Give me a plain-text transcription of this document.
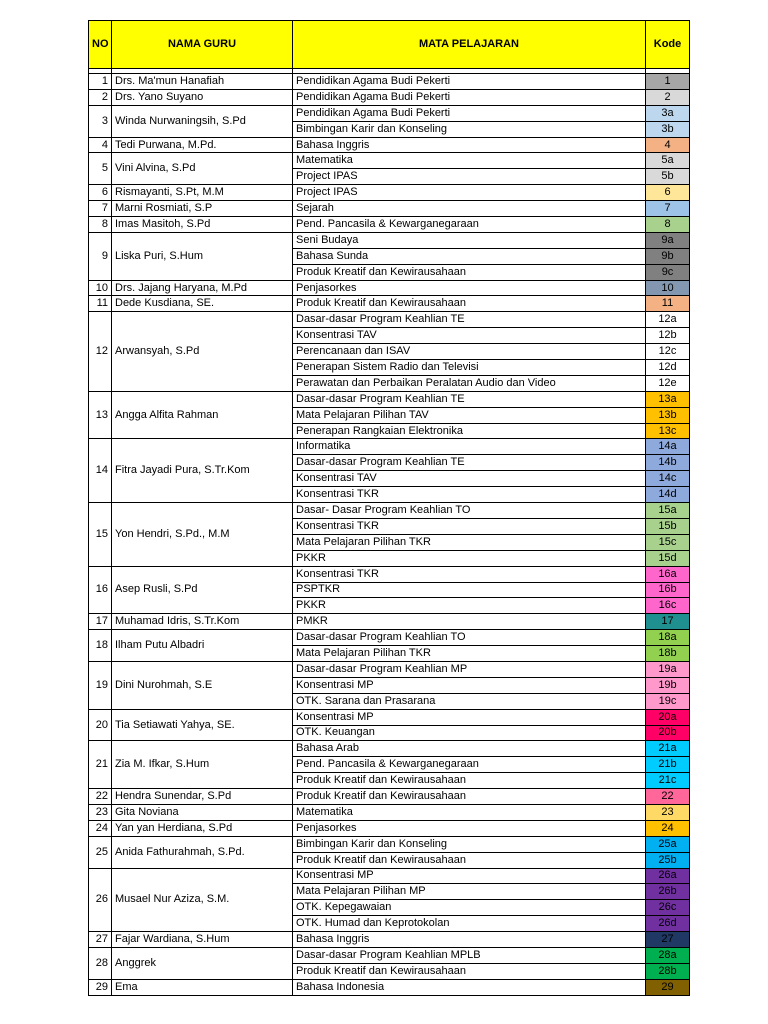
NO	NAMA GURU	MATA PELAJARAN	Kode

1	Drs. Ma'mun Hanafiah	Pendidikan Agama Budi Pekerti	1
2	Drs. Yano Suyano	Pendidikan Agama Budi Pekerti	2
3	Winda Nurwaningsih, S.Pd	Pendidikan Agama Budi Pekerti	3a
		Bimbingan Karir dan Konseling	3b
4	Tedi Purwana, M.Pd.	Bahasa Inggris	4
5	Vini Alvina, S.Pd	Matematika	5a
		Project IPAS	5b
6	Rismayanti, S.Pt, M.M	Project IPAS	6
7	Marni Rosmiati, S.P	Sejarah	7
8	Imas Masitoh, S.Pd	Pend. Pancasila & Kewarganegaraan	8
9	Liska Puri, S.Hum	Seni Budaya	9a
		Bahasa Sunda	9b
		Produk Kreatif dan Kewirausahaan	9c
10	Drs. Jajang Haryana, M.Pd	Penjasorkes	10
11	Dede Kusdiana, SE.	Produk Kreatif dan Kewirausahaan	11
12	Arwansyah, S.Pd	Dasar-dasar Program Keahlian TE	12a
		Konsentrasi TAV	12b
		Perencanaan dan ISAV	12c
		Penerapan Sistem Radio dan Televisi	12d
		Perawatan dan Perbaikan Peralatan Audio dan Video	12e
13	Angga Alfita Rahman	Dasar-dasar Program Keahlian TE	13a
		Mata Pelajaran Pilihan TAV	13b
		Penerapan Rangkaian Elektronika	13c
14	Fitra Jayadi Pura, S.Tr.Kom	Informatika	14a
		Dasar-dasar Program Keahlian TE	14b
		Konsentrasi TAV	14c
		Konsentrasi TKR	14d
15	Yon Hendri, S.Pd., M.M	Dasar- Dasar Program Keahlian TO	15a
		Konsentrasi TKR	15b
		Mata Pelajaran Pilihan TKR	15c
		PKKR	15d
16	Asep Rusli, S.Pd	Konsentrasi TKR	16a
		PSPTKR	16b
		PKKR	16c
17	Muhamad Idris, S.Tr.Kom	PMKR	17
18	Ilham Putu Albadri	Dasar-dasar Program Keahlian TO	18a
		Mata Pelajaran Pilihan TKR	18b
19	Dini Nurohmah, S.E	Dasar-dasar Program Keahlian MP	19a
		Konsentrasi MP	19b
		OTK. Sarana dan Prasarana	19c
20	Tia Setiawati Yahya, SE.	Konsentrasi MP	20a
		OTK. Keuangan	20b
21	Zia M. Ifkar, S.Hum	Bahasa Arab	21a
		Pend. Pancasila & Kewarganegaraan	21b
		Produk Kreatif dan Kewirausahaan	21c
22	Hendra Sunendar, S.Pd	Produk Kreatif dan Kewirausahaan	22
23	Gita Noviana	Matematika	23
24	Yan yan Herdiana, S.Pd	Penjasorkes	24
25	Anida Fathurahmah, S.Pd.	Bimbingan Karir dan Konseling	25a
		Produk Kreatif dan Kewirausahaan	25b
26	Musael Nur Aziza, S.M.	Konsentrasi MP	26a
		Mata Pelajaran Pilihan MP	26b
		OTK. Kepegawaian	26c
		OTK. Humad dan Keprotokolan	26d
27	Fajar Wardiana, S.Hum	Bahasa Inggris	27
28	Anggrek	Dasar-dasar Program Keahlian MPLB	28a
		Produk Kreatif dan Kewirausahaan	28b
29	Ema	Bahasa Indonesia	29
